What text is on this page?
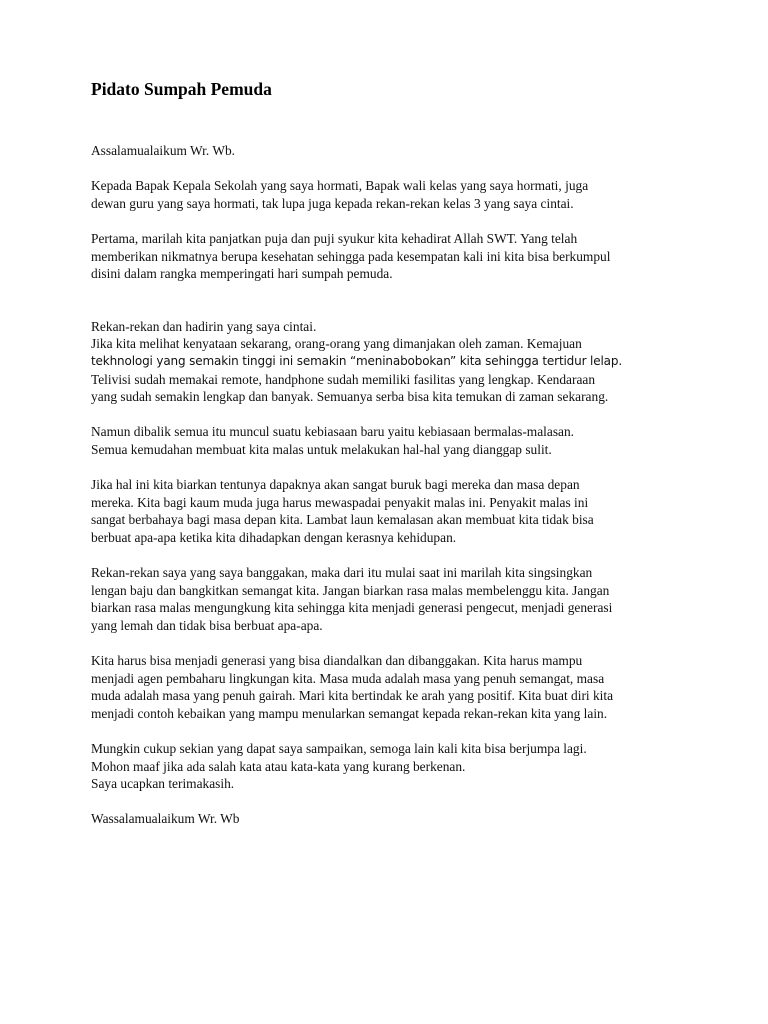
Pidato Sumpah Pemuda
Assalamualaikum Wr. Wb.
Kepada Bapak Kepala Sekolah yang saya hormati, Bapak wali kelas yang saya hormati, juga
dewan guru yang saya hormati, tak lupa juga kepada rekan-rekan kelas 3 yang saya cintai.
Pertama, marilah kita panjatkan puja dan puji syukur kita kehadirat Allah SWT. Yang telah
memberikan nikmatnya berupa kesehatan sehingga pada kesempatan kali ini kita bisa berkumpul
disini dalam rangka memperingati hari sumpah pemuda.
Rekan-rekan dan hadirin yang saya cintai.
Jika kita melihat kenyataan sekarang, orang-orang yang dimanjakan oleh zaman. Kemajuan
tekhnologi yang semakin tinggi ini semakin “meninabobokan” kita sehingga tertidur lelap.
Telivisi sudah memakai remote, handphone sudah memiliki fasilitas yang lengkap. Kendaraan
yang sudah semakin lengkap dan banyak. Semuanya serba bisa kita temukan di zaman sekarang.
Namun dibalik semua itu muncul suatu kebiasaan baru yaitu kebiasaan bermalas-malasan.
Semua kemudahan membuat kita malas untuk melakukan hal-hal yang dianggap sulit.
Jika hal ini kita biarkan tentunya dapaknya akan sangat buruk bagi mereka dan masa depan
mereka. Kita bagi kaum muda juga harus mewaspadai penyakit malas ini. Penyakit malas ini
sangat berbahaya bagi masa depan kita. Lambat laun kemalasan akan membuat kita tidak bisa
berbuat apa-apa ketika kita dihadapkan dengan kerasnya kehidupan.
Rekan-rekan saya yang saya banggakan, maka dari itu mulai saat ini marilah kita singsingkan
lengan baju dan bangkitkan semangat kita. Jangan biarkan rasa malas membelenggu kita. Jangan
biarkan rasa malas mengungkung kita sehingga kita menjadi generasi pengecut, menjadi generasi
yang lemah dan tidak bisa berbuat apa-apa.
Kita harus bisa menjadi generasi yang bisa diandalkan dan dibanggakan. Kita harus mampu
menjadi agen pembaharu lingkungan kita. Masa muda adalah masa yang penuh semangat, masa
muda adalah masa yang penuh gairah. Mari kita bertindak ke arah yang positif. Kita buat diri kita
menjadi contoh kebaikan yang mampu menularkan semangat kepada rekan-rekan kita yang lain.
Mungkin cukup sekian yang dapat saya sampaikan, semoga lain kali kita bisa berjumpa lagi.
Mohon maaf jika ada salah kata atau kata-kata yang kurang berkenan.
Saya ucapkan terimakasih.
Wassalamualaikum Wr. Wb
